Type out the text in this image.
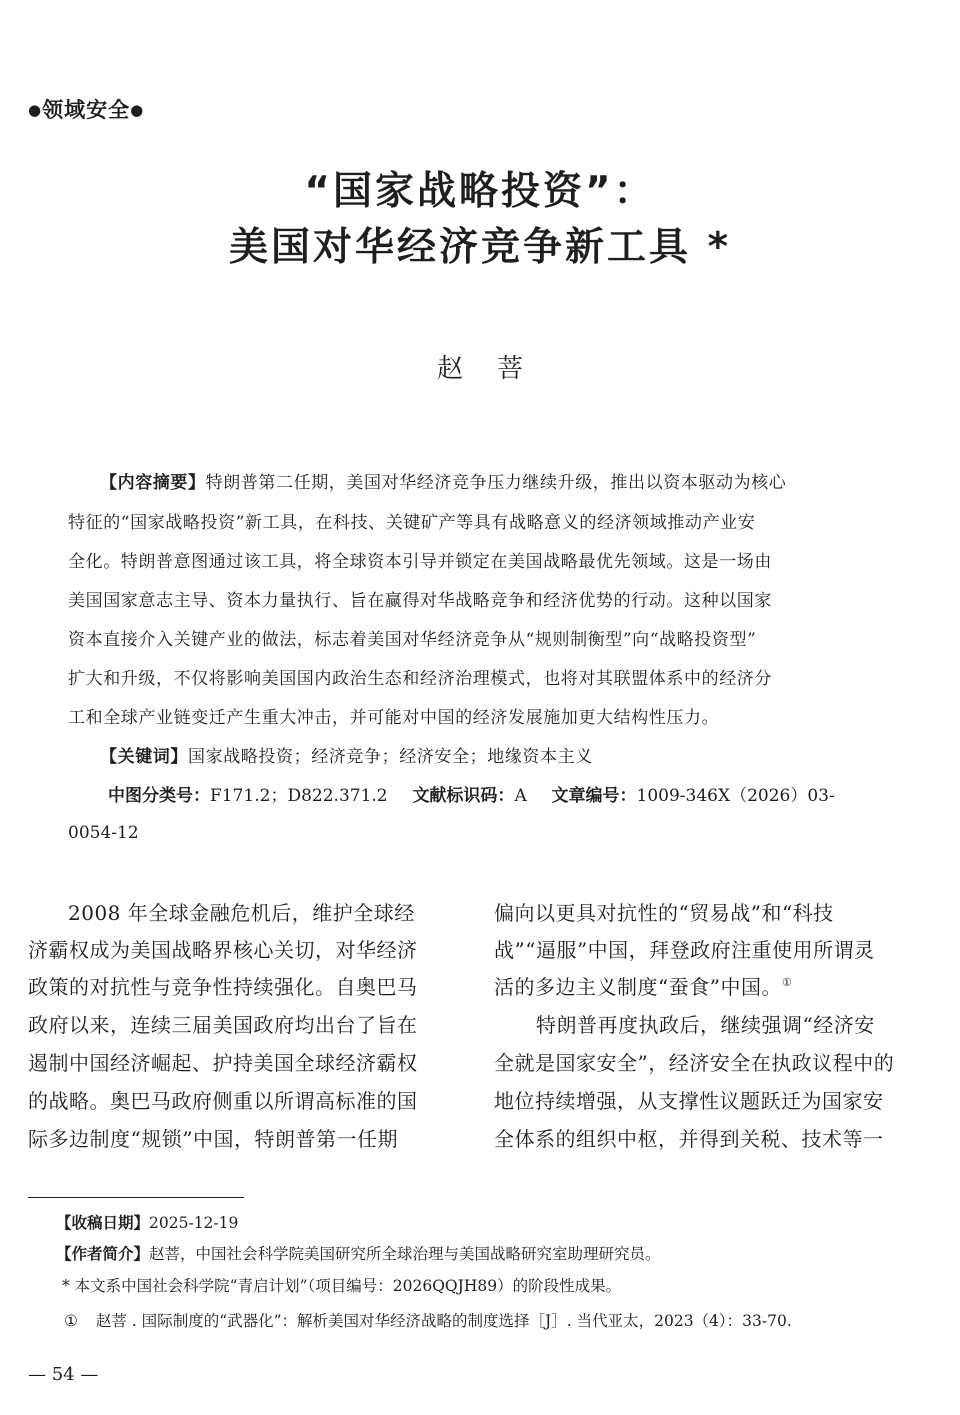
●领域安全●
“国家战略投资”：
美国对华经济竞争新工具 *
赵菩
【内容摘要】特朗普第二任期，美国对华经济竞争压力继续升级，推出以资本驱动为核心
特征的“国家战略投资”新工具，在科技、关键矿产等具有战略意义的经济领域推动产业安
全化。特朗普意图通过该工具，将全球资本引导并锁定在美国战略最优先领域。这是一场由
美国国家意志主导、资本力量执行、旨在赢得对华战略竞争和经济优势的行动。这种以国家
资本直接介入关键产业的做法，标志着美国对华经济竞争从“规则制衡型”向“战略投资型”
扩大和升级，不仅将影响美国国内政治生态和经济治理模式，也将对其联盟体系中的经济分
工和全球产业链变迁产生重大冲击，并可能对中国的经济发展施加更大结构性压力。
【关键词】国家战略投资；经济竞争；经济安全；地缘资本主义
中图分类号：F171.2；D822.371.2 文献标识码：A 文章编号：1009-346X（2026）03-
0054-12
2008 年全球金融危机后，维护全球经
济霸权成为美国战略界核心关切，对华经济
政策的对抗性与竞争性持续强化。自奥巴马
政府以来，连续三届美国政府均出台了旨在
遏制中国经济崛起、护持美国全球经济霸权
的战略。奥巴马政府侧重以所谓高标准的国
际多边制度“规锁”中国，特朗普第一任期
偏向以更具对抗性的“贸易战”和“科技
战”“逼服”中国，拜登政府注重使用所谓灵
活的多边主义制度“蚕食”中国。①
特朗普再度执政后，继续强调“经济安
全就是国家安全”，经济安全在执政议程中的
地位持续增强，从支撑性议题跃迁为国家安
全体系的组织中枢，并得到关税、技术等一
【收稿日期】2025-12-19
【作者简介】赵菩，中国社会科学院美国研究所全球治理与美国战略研究室助理研究员。
* 本文系中国社会科学院“青启计划”（项目编号：2026QQJH89）的阶段性成果。
① 赵菩 . 国际制度的“武器化”：解析美国对华经济战略的制度选择［J］. 当代亚太，2023（4）：33-70.
— 54 —
